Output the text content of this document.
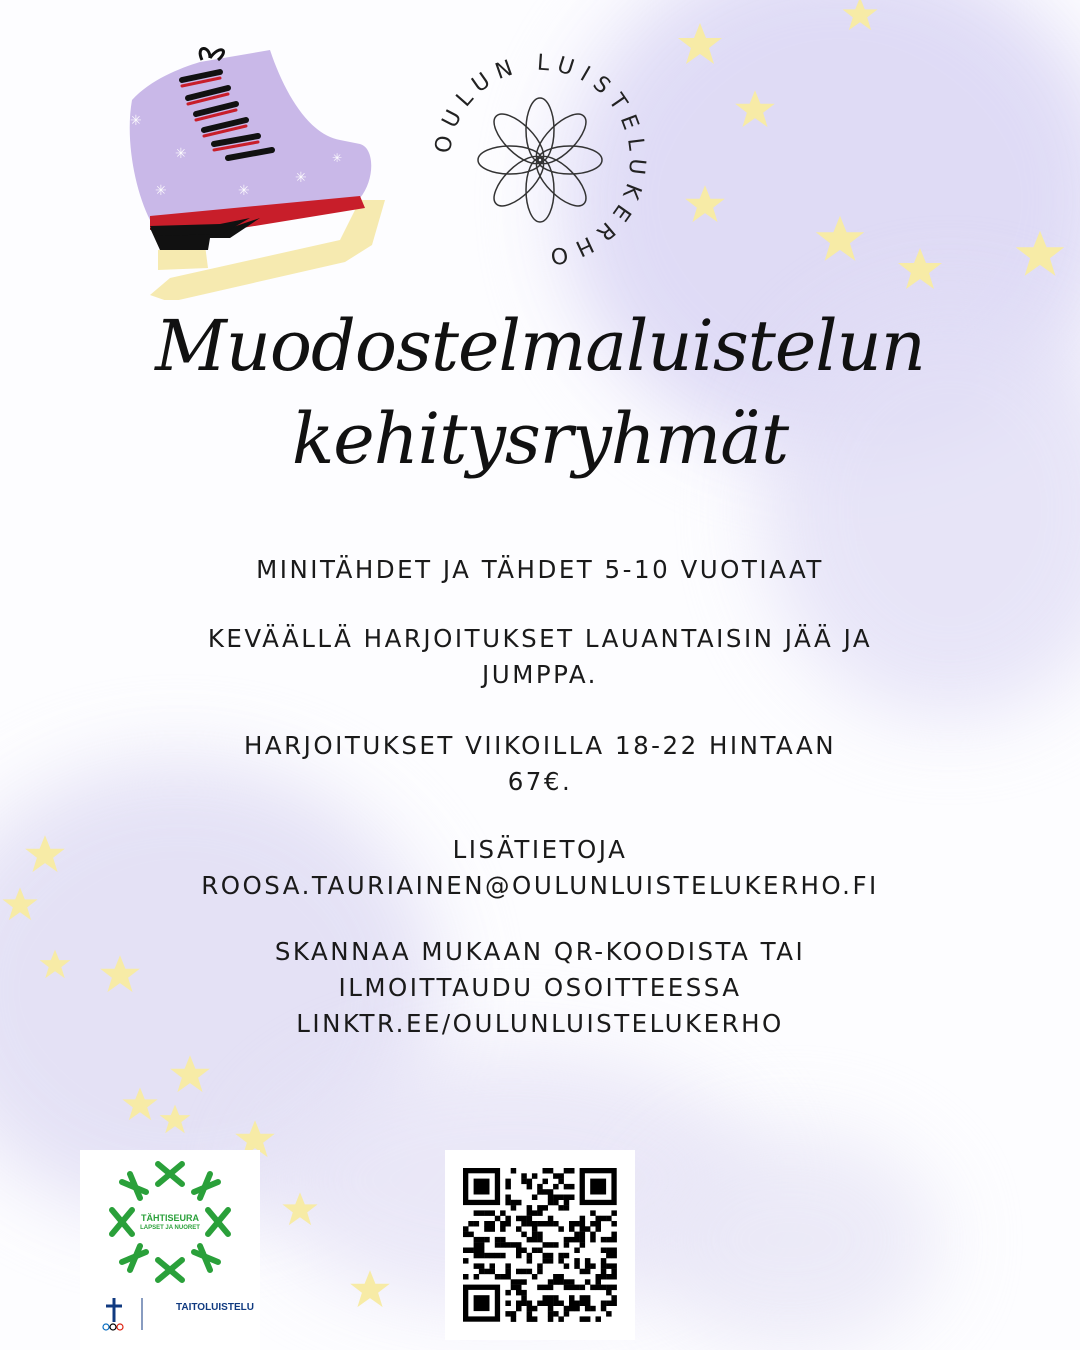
✳
✳
✳	✳
✳
✳
OULUN LUISTELUKERHO
Muodostelmaluistelun
kehitysryhmät
MINITÄHDET JA TÄHDET 5-10 VUOTIAAT
KEVÄÄLLÄ HARJOITUKSET LAUANTAISIN JÄÄ JA
JUMPPA.
HARJOITUKSET VIIKOILLA 18-22 HINTAAN
67€.
LISÄTIETOJA
ROOSA.TAURIAINEN@OULUNLUISTELUKERHO.FI
SKANNAA MUKAAN QR-KOODISTA TAI
ILMOITTAUDU OSOITTEESSA
LINKTR.EE/OULUNLUISTELUKERHO
TÄHTISEURA
LAPSET JA NUORET
TAITOLUISTELU
